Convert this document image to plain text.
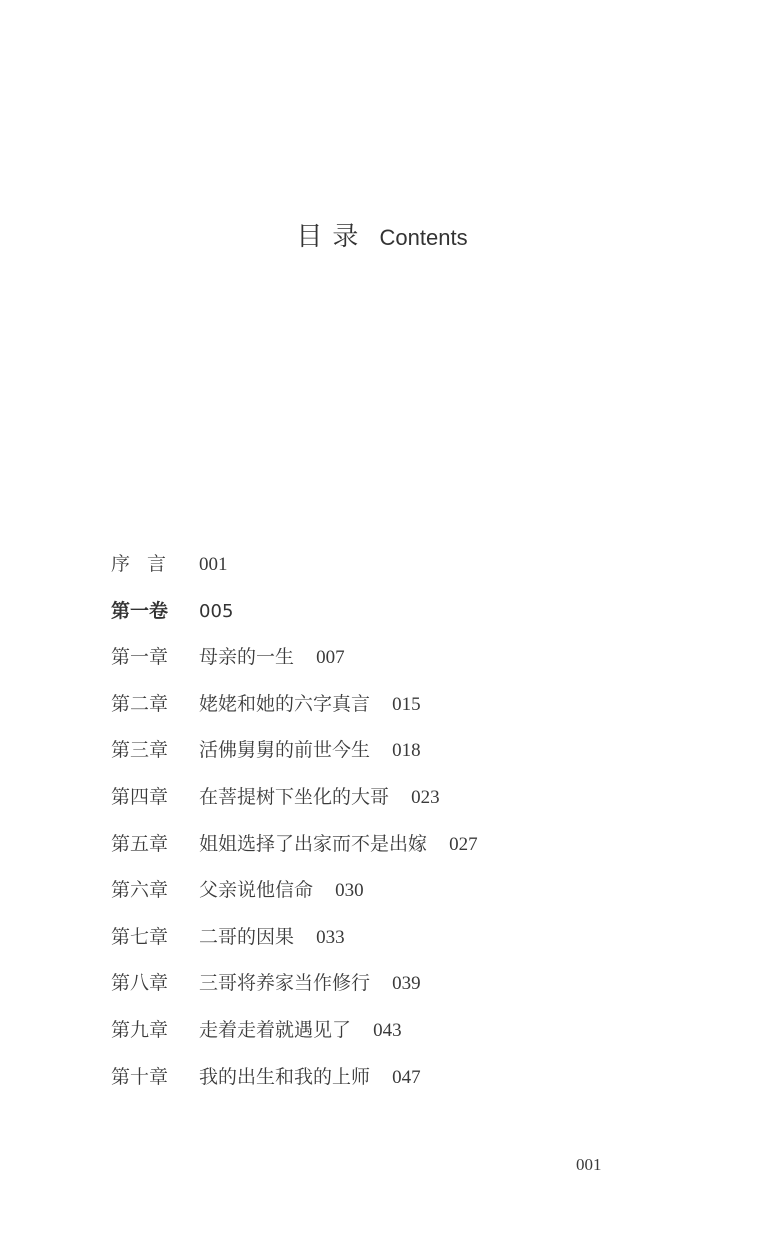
目录 Contents
序言 001
第一卷 005
第一章 母亲的一生 007
第二章 姥姥和她的六字真言 015
第三章 活佛舅舅的前世今生 018
第四章 在菩提树下坐化的大哥 023
第五章 姐姐选择了出家而不是出嫁 027
第六章 父亲说他信命 030
第七章 二哥的因果 033
第八章 三哥将养家当作修行 039
第九章 走着走着就遇见了 043
第十章 我的出生和我的上师 047
001
